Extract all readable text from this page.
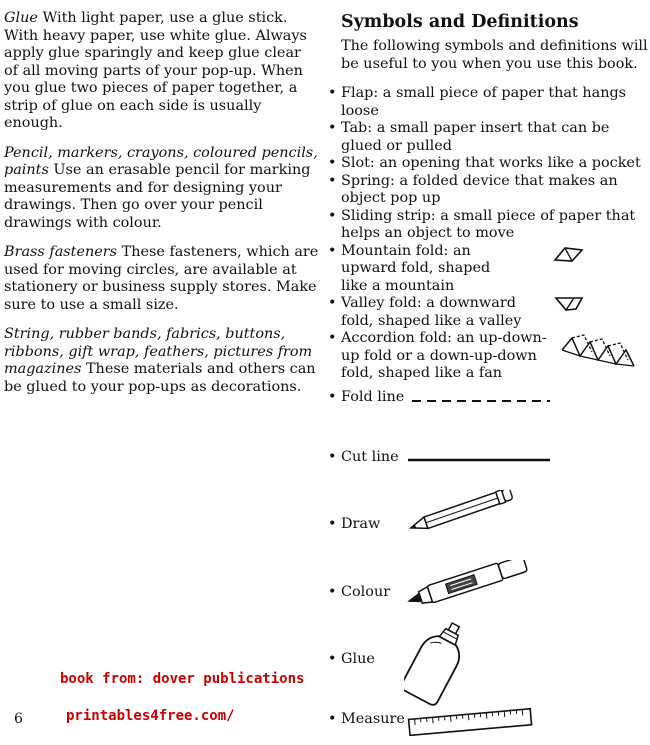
Glue With light paper, use a glue stick. With heavy paper, use white glue. Always apply glue sparingly and keep glue clear of all moving parts of your pop-up. When you glue two pieces of paper together, a strip of glue on each side is usually enough.

Pencil, markers, crayons, coloured pencils, paints Use an erasable pencil for marking measurements and for designing your drawings. Then go over your pencil drawings with colour.

Brass fasteners These fasteners, which are used for moving circles, are available at stationery or business supply stores. Make sure to use a small size.

String, rubber bands, fabrics, buttons, ribbons, gift wrap, feathers, pictures from magazines These materials and others can be glued to your pop-ups as decorations.

Symbols and Definitions
The following symbols and definitions will be useful to you when you use this book.
• Flap: a small piece of paper that hangs loose
• Tab: a small paper insert that can be glued or pulled
• Slot: an opening that works like a pocket
• Spring: a folded device that makes an object pop up
• Sliding strip: a small piece of paper that helps an object to move
• Mountain fold: an upward fold, shaped like a mountain
• Valley fold: a downward fold, shaped like a valley
• Accordion fold: an up-down-up fold or a down-up-down fold, shaped like a fan
• Fold line
• Cut line
• Draw
• Colour
• Glue
• Measure
6
book from: dover publications
printables4free.com/
